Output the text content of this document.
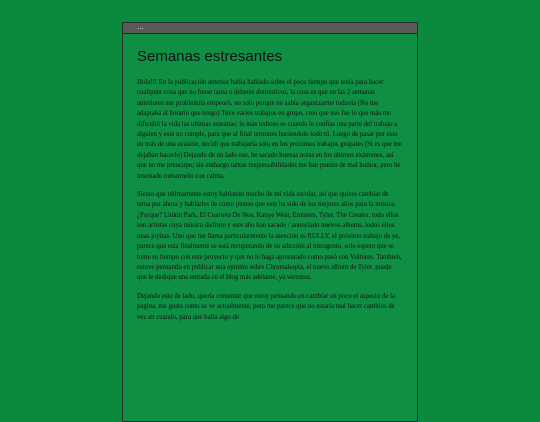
...
Semanas estresantes

Hola!!! En la publicación anterior había hablado sobre el poco tiempo que tenía para hacer cualquier cosa que no fuese tarea o deberes domésticos, la cosa es que en las 2 semanas anteriores ese problemita empeoró, no solo porque no sabía organizarme todavía (No me adaptaba al horario que tengo) Tuve varios trabajos en grupo, creo que eso fue lo que más me dificultó la vida las ultimas semanas; lo más tedioso es cuando le confías una parte del trabajo a alguien y este no cumple, para que al final termines haciendolo todo tú. Luego de pasar por esto en más de una ocasión, decidí que trabajaría solo en los proximos trabajos grupales (Si es que me dejaban hacerlo) Dejando de un lado eso, he sacado buenas notas en los ultimos exámenes, así que no me preocupo; sin embargo tantas responsabilidades me han puesto de mal humor, pero he intentado tomarmelo con calma.

Siento que ultimamente estoy hablando mucho de mi vida escolar, así que quiero cambiar de tema por ahora y hablarles de como pienso que este ha sido de los mejores años para la música. ¿Porque? Linkin Park, El Cuarteto De Nos, Kanye West, Eminem, Tyler, The Creator, todo ellos son artistas cuya música disfruto y este año han sacado / anunciado nuevos albums, todos ellos unas joyitas. Uno que me llama particularmente la atención es RULLY, el próximo trabajo de ye, parece que esta finalmente se está recuperando de so adicción al nitrogenio, solo espero que se tome su tiempo con este proyecto y que no le haga apresurado como pasó con Vultures. Tambien, estuve pensando en publicar una opinión sobre Chromakopia, el nuevo album de Tyler, puede que le dedique una entrada en el blog más adelante, ya veremos.

Dejando esto de lado, quería comentar que estoy pensando en cambiar un poco el aspecto de la pagina, me gusta como se ve actualmente, pero me parece que no estaría mal hacer cambios de vez en cuando, para que halla algo de
